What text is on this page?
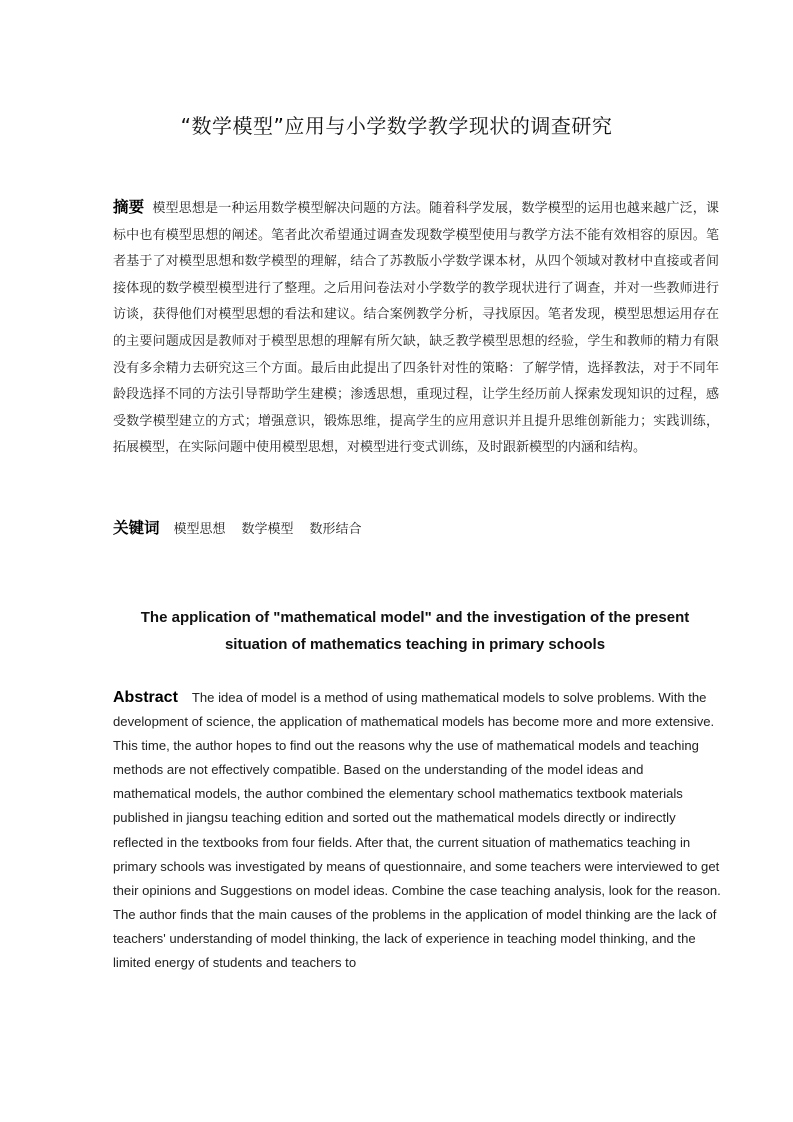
“数学模型”应用与小学数学教学现状的调查研究
摘要 模型思想是一种运用数学模型解决问题的方法。随着科学发展，数学模型的运用也越来越广泛，课标中也有模型思想的阐述。笔者此次希望通过调查发现数学模型使用与教学方法不能有效相容的原因。笔者基于了对模型思想和数学模型的理解，结合了苏教版小学数学课本材，从四个领域对教材中直接或者间接体现的数学模型模型进行了整理。之后用问卷法对小学数学的教学现状进行了调查，并对一些教师进行访谈，获得他们对模型思想的看法和建议。结合案例教学分析，寻找原因。笔者发现，模型思想运用存在的主要问题成因是教师对于模型思想的理解有所欠缺，缺乏教学模型思想的经验，学生和教师的精力有限没有多余精力去研究这三个方面。最后由此提出了四条针对性的策略：了解学情，选择教法，对于不同年龄段选择不同的方法引导帮助学生建模；渗透思想，重现过程，让学生经历前人探索发现知识的过程，感受数学模型建立的方式；增强意识，锻炼思维，提高学生的应用意识并且提升思维创新能力；实践训练，拓展模型，在实际问题中使用模型思想，对模型进行变式训练，及时跟新模型的内涵和结构。
关键词 模型思想 数学模型 数形结合
The application of "mathematical model" and the investigation of the present situation of mathematics teaching in primary schools
Abstract The idea of model is a method of using mathematical models to solve problems. With the development of science, the application of mathematical models has become more and more extensive. This time, the author hopes to find out the reasons why the use of mathematical models and teaching methods are not effectively compatible. Based on the understanding of the model ideas and mathematical models, the author combined the elementary school mathematics textbook materials published in jiangsu teaching edition and sorted out the mathematical models directly or indirectly reflected in the textbooks from four fields. After that, the current situation of mathematics teaching in primary schools was investigated by means of questionnaire, and some teachers were interviewed to get their opinions and Suggestions on model ideas. Combine the case teaching analysis, look for the reason. The author finds that the main causes of the problems in the application of model thinking are the lack of teachers' understanding of model thinking, the lack of experience in teaching model thinking, and the limited energy of students and teachers to
